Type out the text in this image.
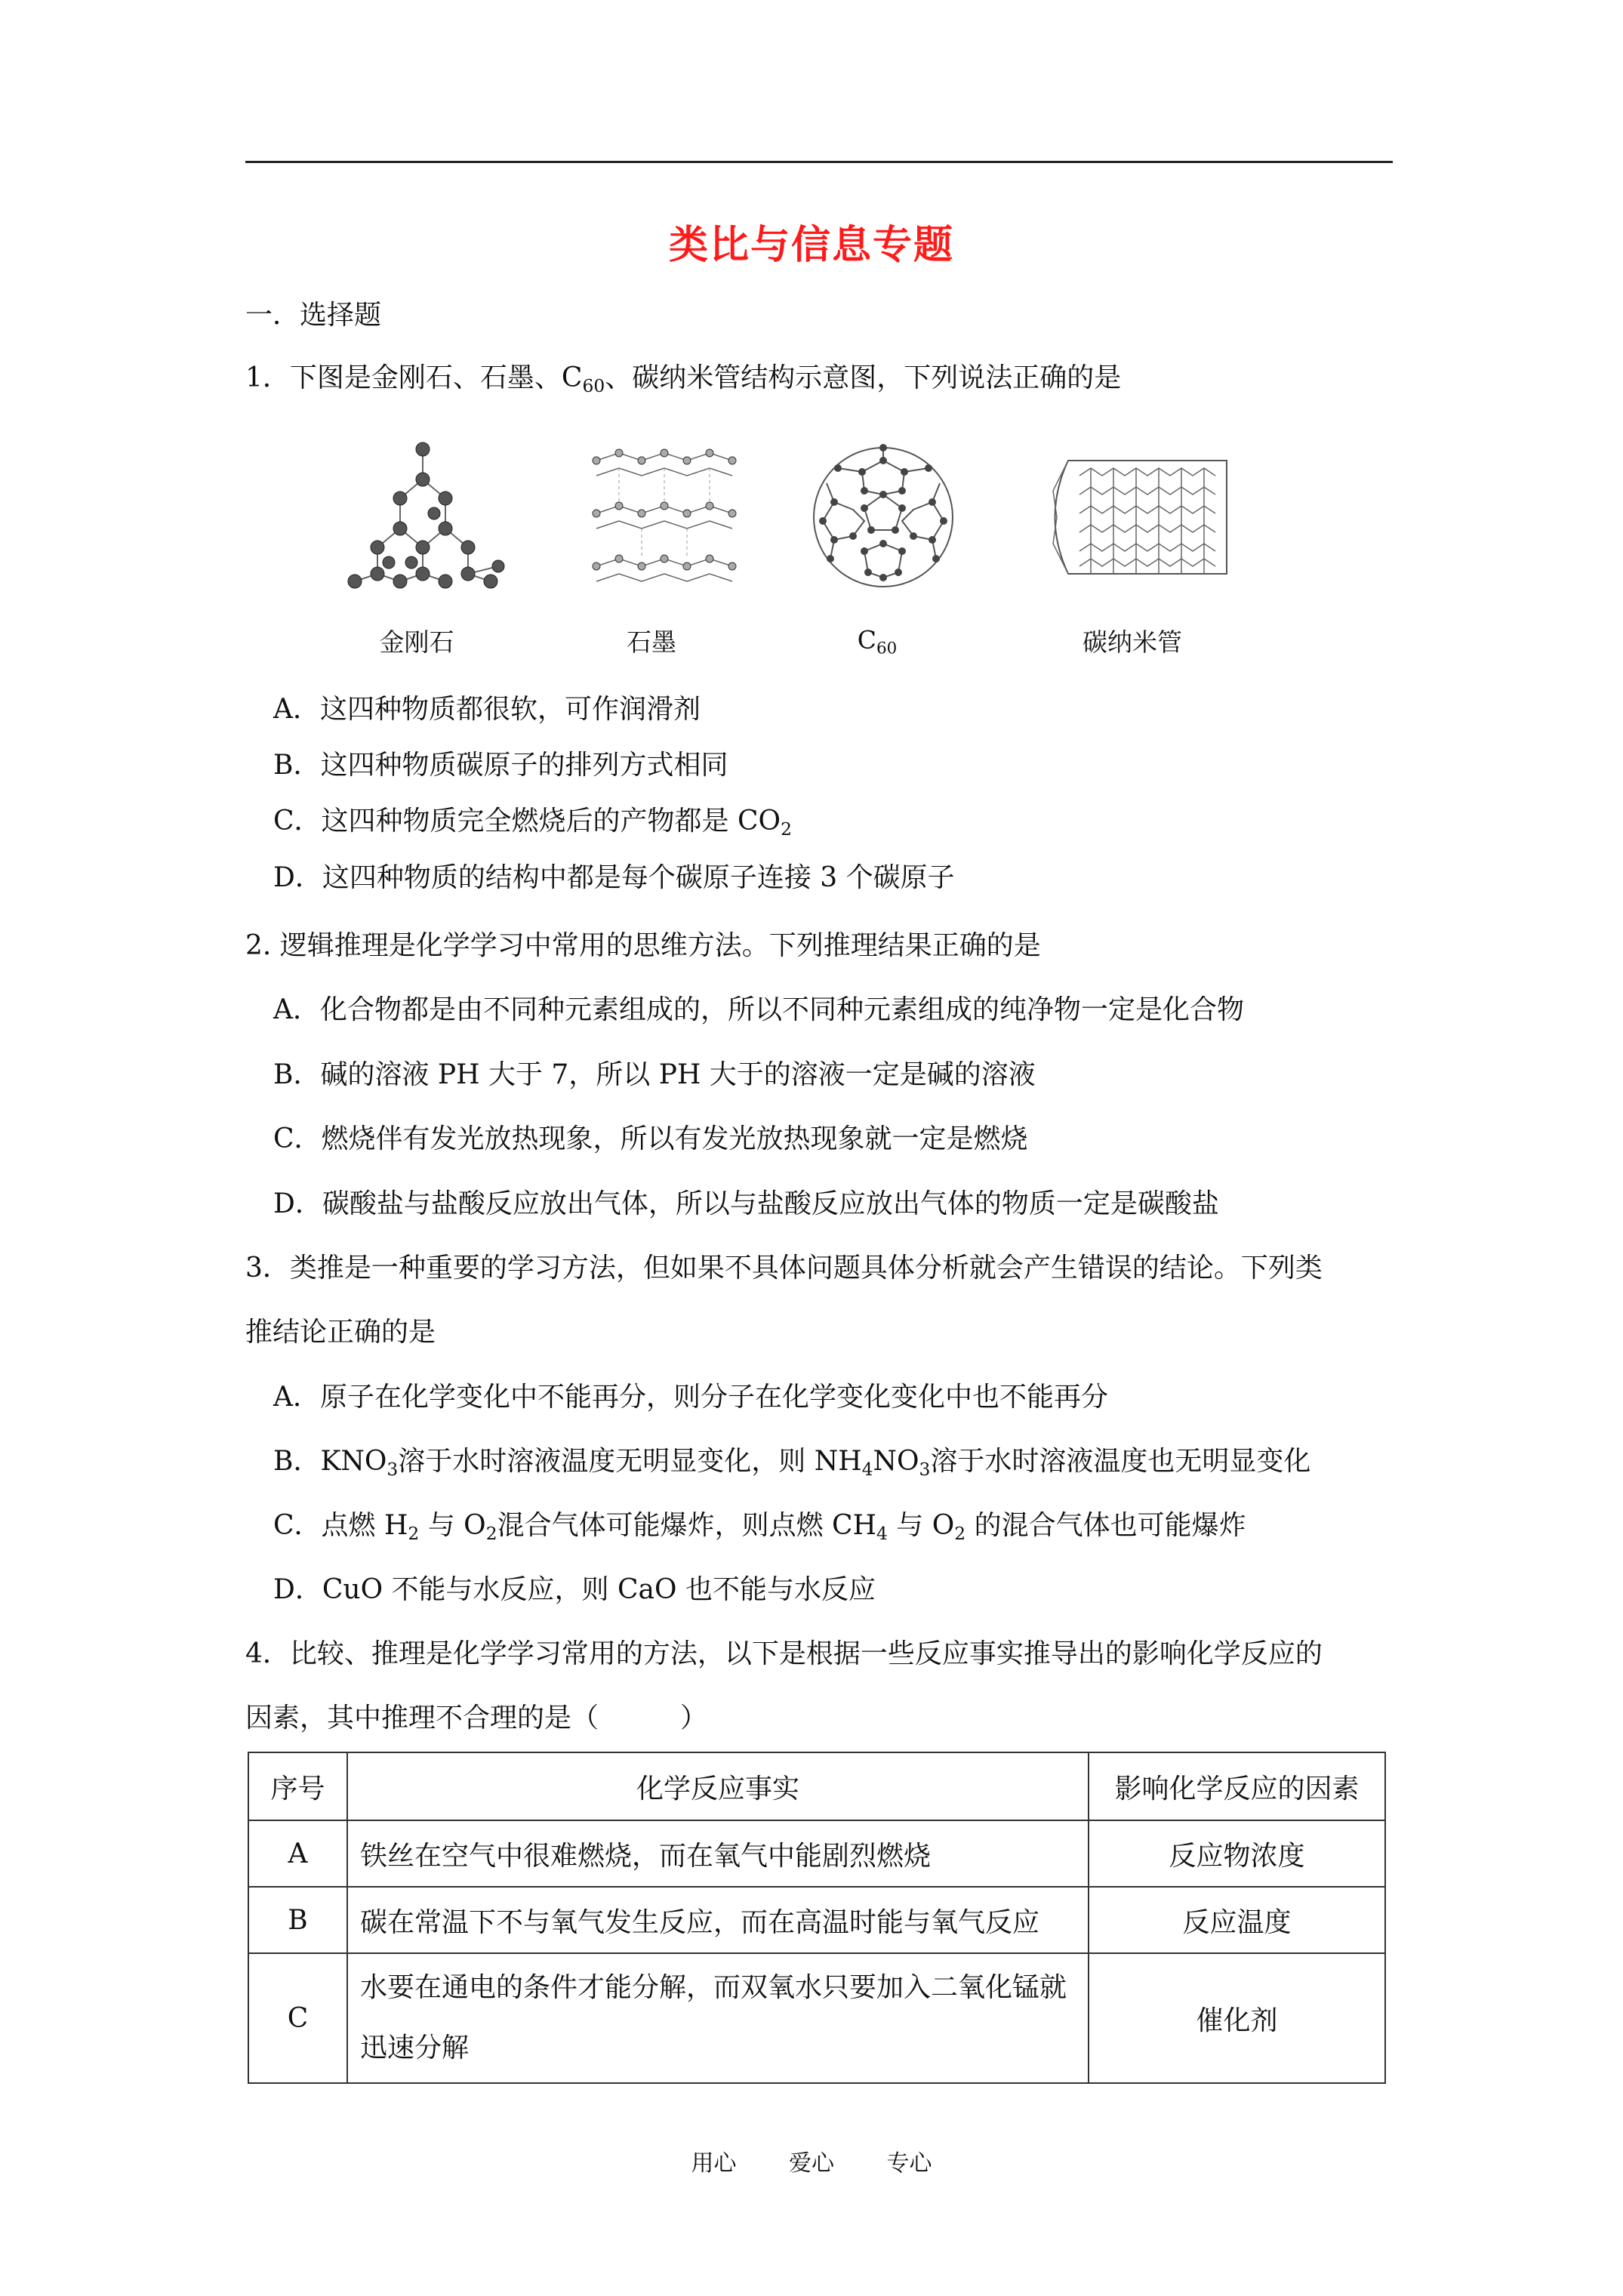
类比与信息专题
一．选择题
1．下图是金刚石、石墨、$C_{60}$、碳纳米管结构示意图，下列说法正确的是
金刚石	石墨	$C_{60}$	碳纳米管
A．这四种物质都很软，可作润滑剂
B．这四种物质碳原子的排列方式相同
C．这四种物质完全燃烧后的产物都是 $CO_2$
D．这四种物质的结构中都是每个碳原子连接 3 个碳原子
2. 逻辑推理是化学学习中常用的思维方法。下列推理结果正确的是
A．化合物都是由不同种元素组成的，所以不同种元素组成的纯净物一定是化合物
B．碱的溶液 PH 大于 7，所以 PH 大于的溶液一定是碱的溶液
C．燃烧伴有发光放热现象，所以有发光放热现象就一定是燃烧
D．碳酸盐与盐酸反应放出气体，所以与盐酸反应放出气体的物质一定是碳酸盐
3．类推是一种重要的学习方法，但如果不具体问题具体分析就会产生错误的结论。下列类
推结论正确的是
A．原子在化学变化中不能再分，则分子在化学变化变化中也不能再分
B．$KNO_3$溶于水时溶液温度无明显变化，则 $NH_4NO_3$溶于水时溶液温度也无明显变化
C．点燃 $H_2$ 与 $O_2$混合气体可能爆炸，则点燃 $CH_4$ 与 $O_2$ 的混合气体也可能爆炸
D．CuO 不能与水反应，则 CaO 也不能与水反应
4．比较、推理是化学学习常用的方法，以下是根据一些反应事实推导出的影响化学反应的
因素，其中推理不合理的是（　　　）
序号	化学反应事实	影响化学反应的因素
A	铁丝在空气中很难燃烧，而在氧气中能剧烈燃烧	反应物浓度
B	碳在常温下不与氧气发生反应，而在高温时能与氧气反应	反应温度
C	水要在通电的条件才能分解，而双氧水只要加入二氧化锰就迅速分解	催化剂
用心 爱心 专心
